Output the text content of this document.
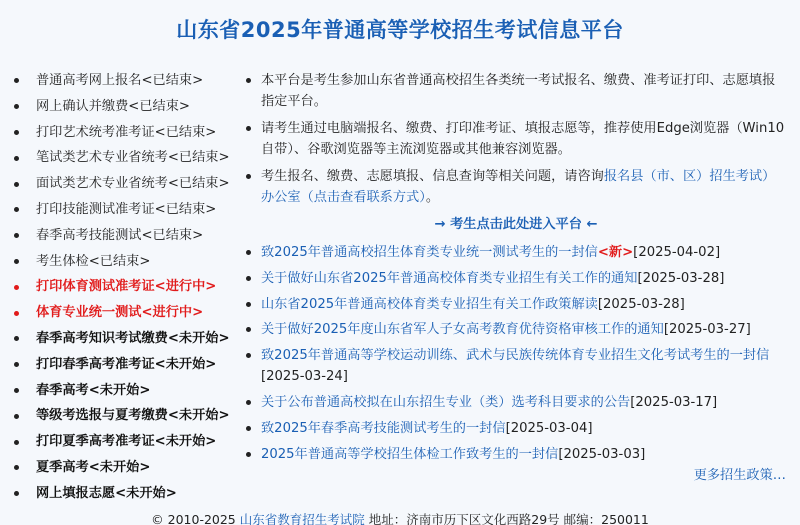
山东省2025年普通高等学校招生考试信息平台
普通高考网上报名<已结束>
网上确认并缴费<已结束>
打印艺术统考准考证<已结束>
笔试类艺术专业省统考<已结束>
面试类艺术专业省统考<已结束>
打印技能测试准考证<已结束>
春季高考技能测试<已结束>
考生体检<已结束>
打印体育测试准考证<进行中>
体育专业统一测试<进行中>
春季高考知识考试缴费<未开始>
打印春季高考准考证<未开始>
春季高考<未开始>
等级考选报与夏考缴费<未开始>
打印夏季高考准考证<未开始>
夏季高考<未开始>
网上填报志愿<未开始>
本平台是考生参加山东省普通高校招生各类统一考试报名、缴费、准考证打印、志愿填报指定平台。
请考生通过电脑端报名、缴费、打印准考证、填报志愿等，推荐使用Edge浏览器（Win10自带）、谷歌浏览器等主流浏览器或其他兼容浏览器。
考生报名、缴费、志愿填报、信息查询等相关问题，请咨询报名县（市、区）招生考试）办公室（点击查看联系方式）。
→ 考生点击此处进入平台 ←
致2025年普通高校招生体育类专业统一测试考生的一封信<新>[2025-04-02]
关于做好山东省2025年普通高校体育类专业招生有关工作的通知[2025-03-28]
山东省2025年普通高校体育类专业招生有关工作政策解读[2025-03-28]
关于做好2025年度山东省军人子女高考教育优待资格审核工作的通知[2025-03-27]
致2025年普通高等学校运动训练、武术与民族传统体育专业招生文化考试考生的一封信[2025-03-24]
关于公布普通高校拟在山东招生专业（类）选考科目要求的公告[2025-03-17]
致2025年春季高考技能测试考生的一封信[2025-03-04]
2025年普通高等学校招生体检工作致考生的一封信[2025-03-03]
更多招生政策…
© 2010-2025 山东省教育招生考试院 地址：济南市历下区文化西路29号 邮编：250011
